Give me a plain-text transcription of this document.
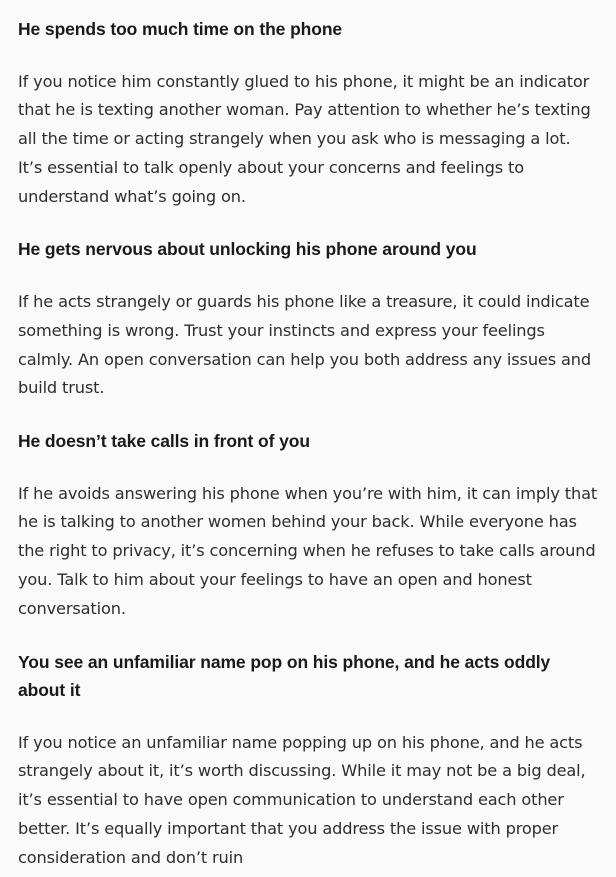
He spends too much time on the phone

If you notice him constantly glued to his phone, it might be an indicator that he is texting another woman. Pay attention to whether he’s texting all the time or acting strangely when you ask who is messaging a lot. It’s essential to talk openly about your concerns and feelings to understand what’s going on.

He gets nervous about unlocking his phone around you

If he acts strangely or guards his phone like a treasure, it could indicate something is wrong. Trust your instincts and express your feelings calmly. An open conversation can help you both address any issues and build trust.

He doesn’t take calls in front of you

If he avoids answering his phone when you’re with him, it can imply that he is talking to another women behind your back. While everyone has the right to privacy, it’s concerning when he refuses to take calls around you. Talk to him about your feelings to have an open and honest conversation.

You see an unfamiliar name pop on his phone, and he acts oddly about it

If you notice an unfamiliar name popping up on his phone, and he acts strangely about it, it’s worth discussing. While it may not be a big deal, it’s essential to have open communication to understand each other better. It’s equally important that you address the issue with proper consideration and don’t ruin
